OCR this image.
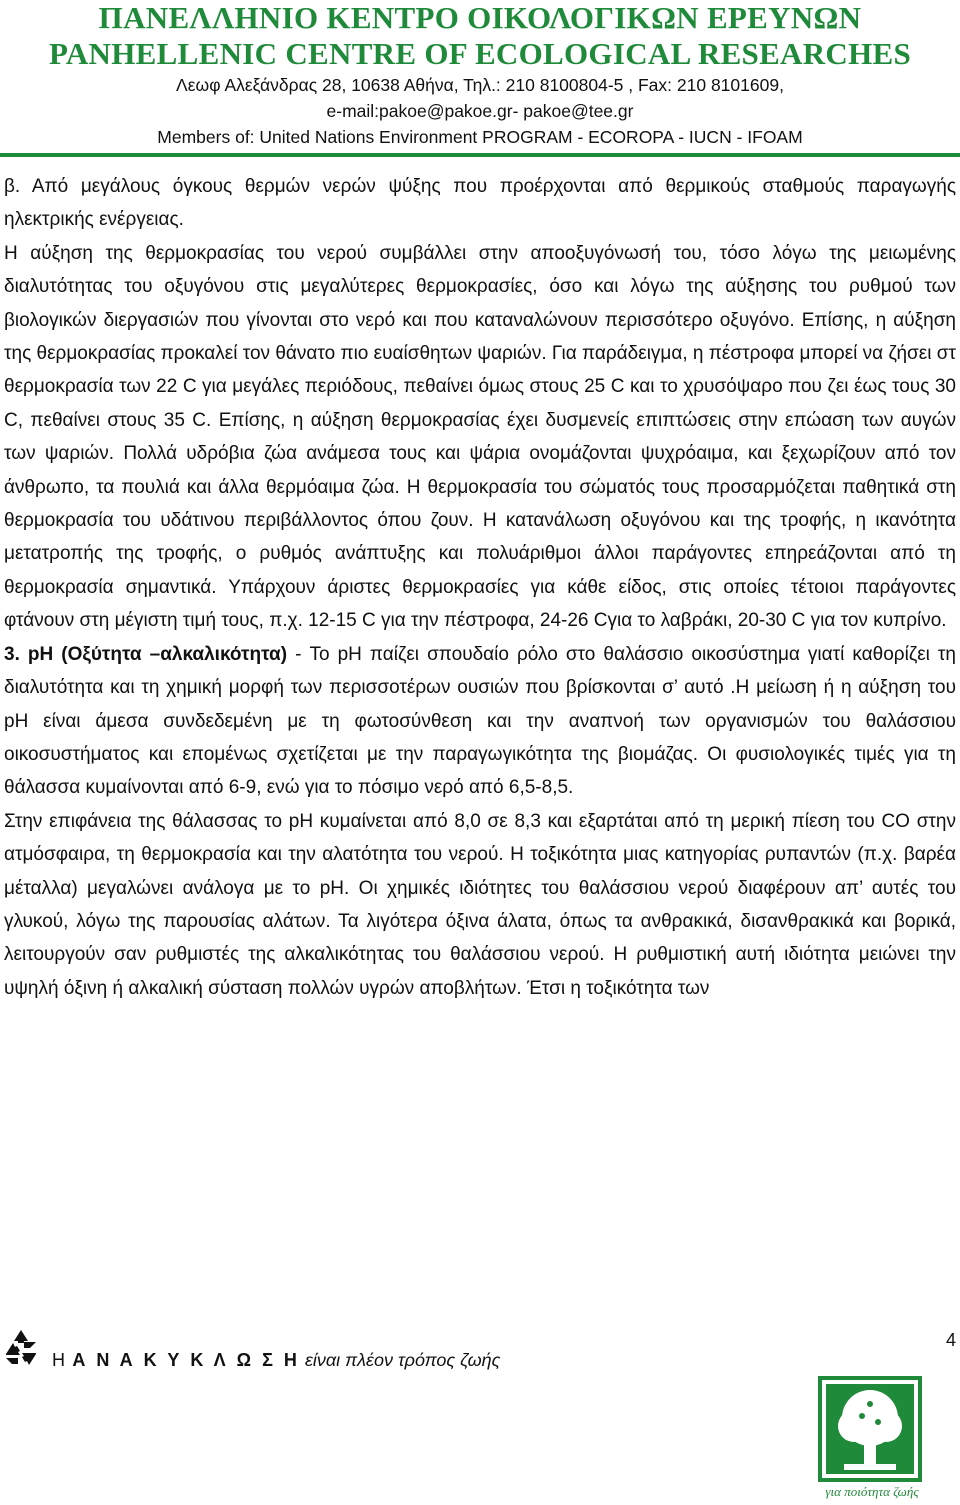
ΠΑΝΕΛΛΗΝΙΟ ΚΕΝΤΡΟ ΟΙΚΟΛΟΓΙΚΩΝ ΕΡΕΥΝΩΝ
PANHELLENIC CENTRE OF ECOLOGICAL RESEARCHES
Λεωφ Αλεξάνδρας 28, 10638 Αθήνα, Τηλ.: 210 8100804-5 , Fax: 210 8101609,
e-mail:pakoe@pakoe.gr- pakoe@tee.gr
Members of: United Nations Environment PROGRAM - ECOROPA - IUCN - IFOAM

β. Από μεγάλους όγκους θερμών νερών ψύξης που προέρχονται από θερμικούς σταθμούς παραγωγής ηλεκτρικής ενέργειας.

Η αύξηση της θερμοκρασίας του νερού συμβάλλει στην αποοξυγόνωσή του, τόσο λόγω της μειωμένης διαλυτότητας του οξυγόνου στις μεγαλύτερες θερμοκρασίες, όσο και λόγω της αύξησης του ρυθμού των βιολογικών διεργασιών που γίνονται στο νερό και που καταναλώνουν περισσότερο οξυγόνο. Επίσης, η αύξηση της θερμοκρασίας προκαλεί τον θάνατο πιο ευαίσθητων ψαριών. Για παράδειγμα, η πέστροφα μπορεί να ζήσει στ θερμοκρασία των 22 C για μεγάλες περιόδους, πεθαίνει όμως στους 25 C και το χρυσόψαρο που ζει έως τους 30 C, πεθαίνει στους 35 C. Επίσης, η αύξηση θερμοκρασίας έχει δυσμενείς επιπτώσεις στην επώαση των αυγών των ψαριών. Πολλά υδρόβια ζώα ανάμεσα τους και ψάρια ονομάζονται ψυχρόαιμα, και ξεχωρίζουν από τον άνθρωπο, τα πουλιά και άλλα θερμόαιμα ζώα. Η θερμοκρασία του σώματός τους προσαρμόζεται παθητικά στη θερμοκρασία του υδάτινου περιβάλλοντος όπου ζουν. Η κατανάλωση οξυγόνου και της τροφής, η ικανότητα μετατροπής της τροφής, ο ρυθμός ανάπτυξης και πολυάριθμοι άλλοι παράγοντες επηρεάζονται από τη θερμοκρασία σημαντικά. Υπάρχουν άριστες θερμοκρασίες για κάθε είδος, στις οποίες τέτοιοι παράγοντες φτάνουν στη μέγιστη τιμή τους, π.χ. 12-15 C για την πέστροφα, 24-26 Cγια το λαβράκι, 20-30 C για τον κυπρίνο.

3. pH (Οξύτητα –αλκαλικότητα) - Το pH παίζει σπουδαίο ρόλο στο θαλάσσιο οικοσύστημα γιατί καθορίζει τη διαλυτότητα και τη χημική μορφή των περισσοτέρων ουσιών που βρίσκονται σ’ αυτό .Η μείωση ή η αύξηση του pH είναι άμεσα συνδεδεμένη με τη φωτοσύνθεση και την αναπνοή των οργανισμών του θαλάσσιου οικοσυστήματος και επομένως σχετίζεται με την παραγωγικότητα της βιομάζας. Οι φυσιολογικές τιμές για τη θάλασσα κυμαίνονται από 6-9, ενώ για το πόσιμο νερό από 6,5-8,5.

Στην επιφάνεια της θάλασσας το pH κυμαίνεται από 8,0 σε 8,3 και εξαρτάται από τη μερική πίεση του CO στην ατμόσφαιρα, τη θερμοκρασία και την αλατότητα του νερού. Η τοξικότητα μιας κατηγορίας ρυπαντών (π.χ. βαρέα μέταλλα) μεγαλώνει ανάλογα με το pH. Οι χημικές ιδιότητες του θαλάσσιου νερού διαφέρουν απ’ αυτές του γλυκού, λόγω της παρουσίας αλάτων. Τα λιγότερα όξινα άλατα, όπως τα ανθρακικά, δισανθρακικά και βορικά, λειτουργούν σαν ρυθμιστές της αλκαλικότητας του θαλάσσιου νερού. Η ρυθμιστική αυτή ιδιότητα μειώνει την υψηλή όξινη ή αλκαλική σύσταση πολλών υγρών αποβλήτων. Έτσι η τοξικότητα των

Η Α Ν Α Κ Υ Κ Λ Ω Σ Η είναι πλέον τρόπος ζωής
4
για ποιότητα ζωής
